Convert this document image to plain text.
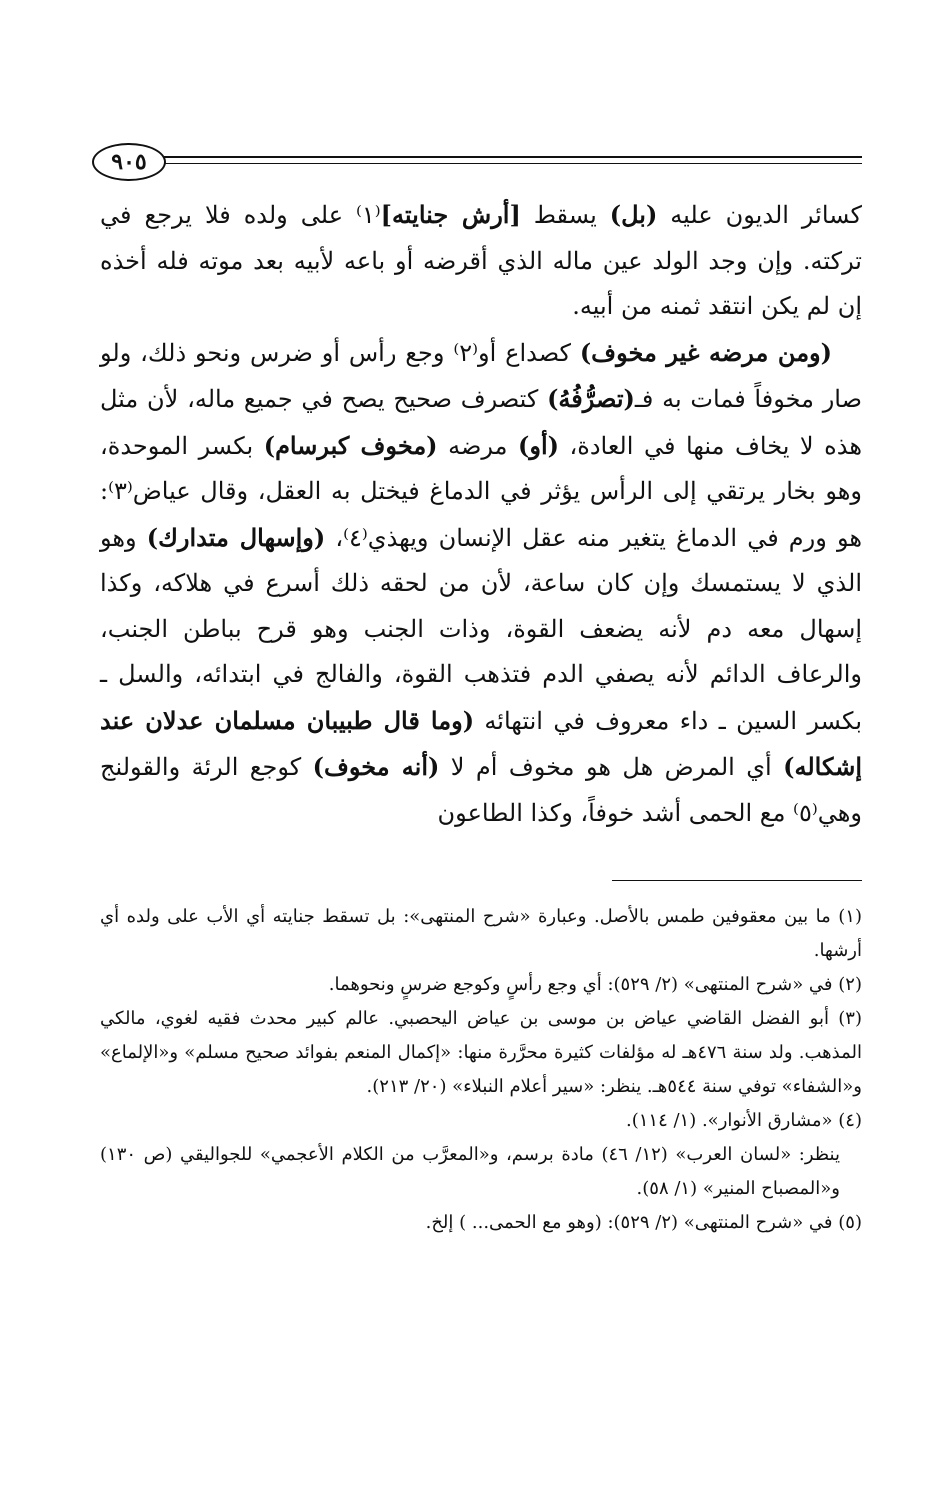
٩٠٥

كسائر الديون عليه (بل) يسقط [أرش جنايته]⁽١⁾ على ولده فلا يرجع في تركته. وإن وجد الولد عين ماله الذي أقرضه أو باعه لأبيه بعد موته فله أخذه إن لم يكن انتقد ثمنه من أبيه.

(ومن مرضه غير مخوف) كصداع أو⁽٢⁾ وجع رأس أو ضرس ونحو ذلك، ولو صار مخوفاً فمات به فـ(تصرُّفُهُ) كتصرف صحيح يصح في جميع ماله، لأن مثل هذه لا يخاف منها في العادة، (أو) مرضه (مخوف كبرسام) بكسر الموحدة، وهو بخار يرتقي إلى الرأس يؤثر في الدماغ فيختل به العقل، وقال عياض⁽٣⁾: هو ورم في الدماغ يتغير منه عقل الإنسان ويهذي⁽٤⁾، (وإسهال متدارك) وهو الذي لا يستمسك وإن كان ساعة، لأن من لحقه ذلك أسرع في هلاكه، وكذا إسهال معه دم لأنه يضعف القوة، وذات الجنب وهو قرح بباطن الجنب، والرعاف الدائم لأنه يصفي الدم فتذهب القوة، والفالج في ابتدائه، والسل ـ بكسر السين ـ داء معروف في انتهائه (وما قال طبيبان مسلمان عدلان عند إشكاله) أي المرض هل هو مخوف أم لا (أنه مخوف) كوجع الرئة والقولنج وهي⁽٥⁾ مع الحمى أشد خوفاً، وكذا الطاعون

(١) ما بين معقوفين طمس بالأصل. وعبارة «شرح المنتهى»: بل تسقط جنايته أي الأب على ولده أي أرشها.

(٢) في «شرح المنتهى» (٢/ ٥٢٩): أي وجع رأسٍ وكوجع ضرسٍ ونحوهما.

(٣) أبو الفضل القاضي عياض بن موسى بن عياض اليحصبي. عالم كبير محدث فقيه لغوي، مالكي المذهب. ولد سنة ٤٧٦هـ له مؤلفات كثيرة محرَّرة منها: «إكمال المنعم بفوائد صحيح مسلم» و«الإلماع» و«الشفاء» توفي سنة ٥٤٤هـ. ينظر: «سير أعلام النبلاء» (٢٠/ ٢١٣).

(٤) «مشارق الأنوار». (١/ ١١٤).

ينظر: «لسان العرب» (١٢/ ٤٦) مادة برسم، و«المعرَّب من الكلام الأعجمي» للجواليقي (ص ١٣٠) و«المصباح المنير» (١/ ٥٨).

(٥) في «شرح المنتهى» (٢/ ٥٢٩): (وهو مع الحمى... ) إلخ.
